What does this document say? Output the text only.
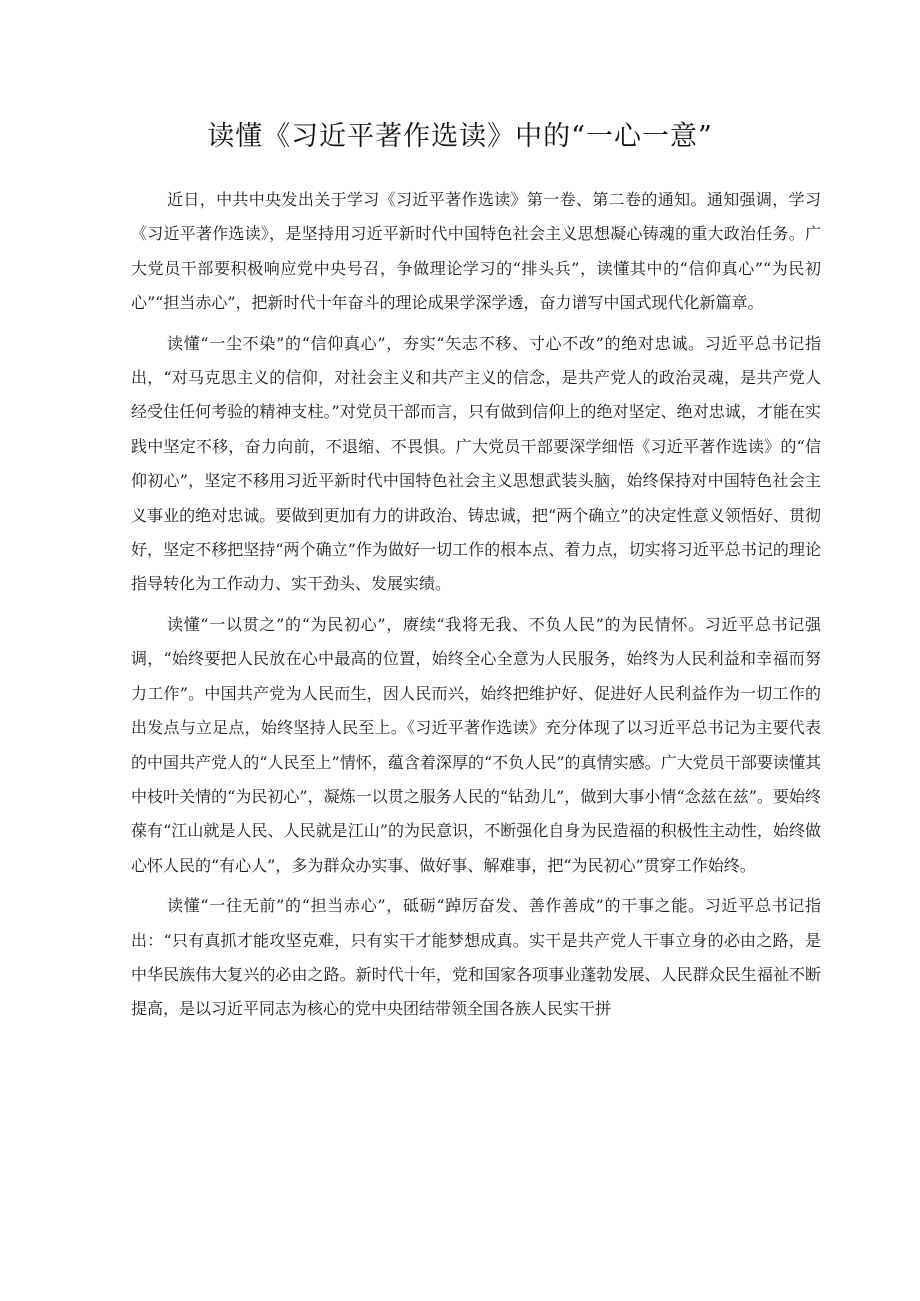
读懂《习近平著作选读》中的“一心一意”

近日，中共中央发出关于学习《习近平著作选读》第一卷、第二卷的通知。通知强调，学习《习近平著作选读》，是坚持用习近平新时代中国特色社会主义思想凝心铸魂的重大政治任务。广大党员干部要积极响应党中央号召，争做理论学习的“排头兵”，读懂其中的“信仰真心”“为民初心”“担当赤心”，把新时代十年奋斗的理论成果学深学透，奋力谱写中国式现代化新篇章。

读懂“一尘不染”的“信仰真心”，夯实“矢志不移、寸心不改”的绝对忠诚。习近平总书记指出，“对马克思主义的信仰，对社会主义和共产主义的信念，是共产党人的政治灵魂，是共产党人经受住任何考验的精神支柱。”对党员干部而言，只有做到信仰上的绝对坚定、绝对忠诚，才能在实践中坚定不移，奋力向前，不退缩、不畏惧。广大党员干部要深学细悟《习近平著作选读》的“信仰初心”，坚定不移用习近平新时代中国特色社会主义思想武装头脑，始终保持对中国特色社会主义事业的绝对忠诚。要做到更加有力的讲政治、铸忠诚，把“两个确立”的决定性意义领悟好、贯彻好，坚定不移把坚持“两个确立”作为做好一切工作的根本点、着力点，切实将习近平总书记的理论指导转化为工作动力、实干劲头、发展实绩。

读懂“一以贯之”的“为民初心”，赓续“我将无我、不负人民”的为民情怀。习近平总书记强调，“始终要把人民放在心中最高的位置，始终全心全意为人民服务，始终为人民利益和幸福而努力工作”。中国共产党为人民而生，因人民而兴，始终把维护好、促进好人民利益作为一切工作的出发点与立足点，始终坚持人民至上。《习近平著作选读》充分体现了以习近平总书记为主要代表的中国共产党人的“人民至上”情怀，蕴含着深厚的“不负人民”的真情实感。广大党员干部要读懂其中枝叶关情的“为民初心”，凝炼一以贯之服务人民的“钻劲儿”，做到大事小情“念兹在兹”。要始终葆有“江山就是人民、人民就是江山”的为民意识，不断强化自身为民造福的积极性主动性，始终做心怀人民的“有心人”，多为群众办实事、做好事、解难事，把“为民初心”贯穿工作始终。

读懂“一往无前”的“担当赤心”，砥砺“踔厉奋发、善作善成”的干事之能。习近平总书记指出：“只有真抓才能攻坚克难，只有实干才能梦想成真。实干是共产党人干事立身的必由之路，是中华民族伟大复兴的必由之路。新时代十年，党和国家各项事业蓬勃发展、人民群众民生福祉不断提高，是以习近平同志为核心的党中央团结带领全国各族人民实干拼
